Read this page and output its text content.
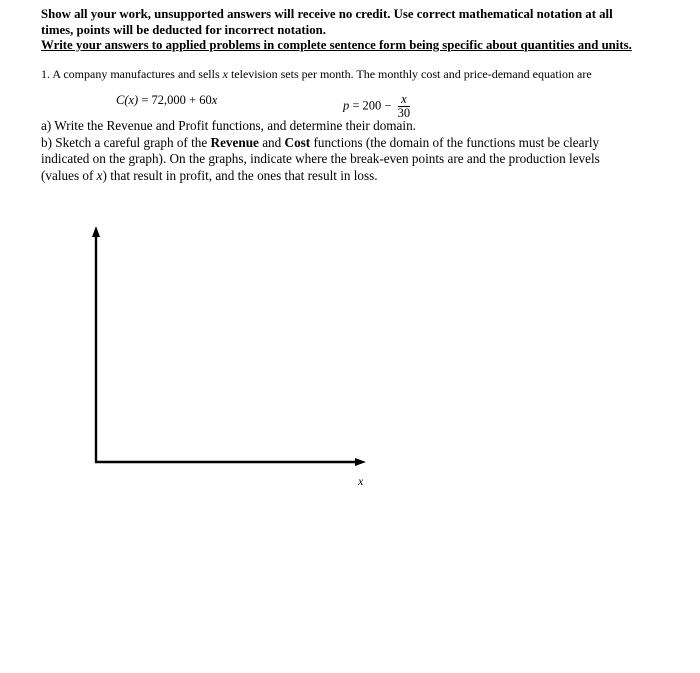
Show all your work, unsupported answers will receive no credit. Use correct mathematical notation at all
times, points will be deducted for incorrect notation.
Write your answers to applied problems in complete sentence form being specific about quantities and units.
1. A company manufactures and sells x television sets per month. The monthly cost and price-demand equation are
C(x) = 72,000 + 60x	$p = 200 - \frac{x}{30}$

a) Write the Revenue and Profit functions, and determine their domain.

b) Sketch a careful graph of the Revenue and Cost functions (the domain of the functions must be clearly

indicated on the graph). On the graphs, indicate where the break-even points are and the production levels

(values of x) that result in profit, and the ones that result in loss.

x
